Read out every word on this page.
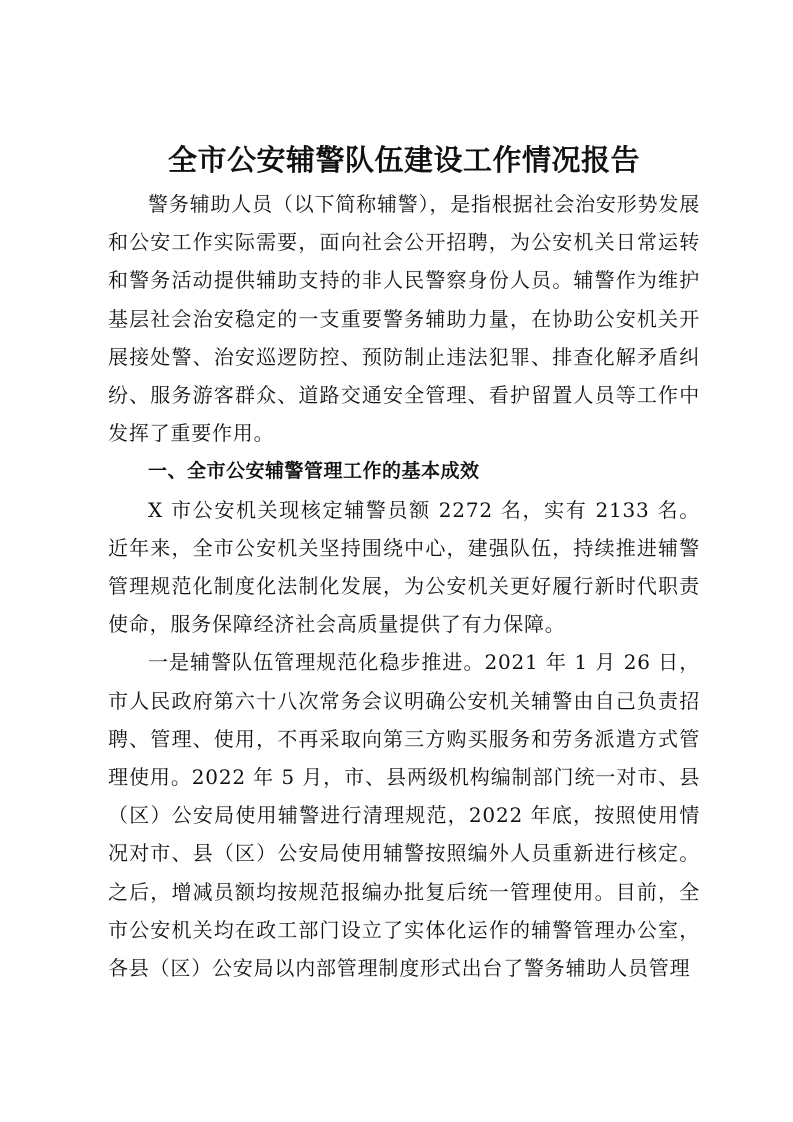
全市公安辅警队伍建设工作情况报告

警务辅助人员（以下简称辅警），是指根据社会治安形势发展和公安工作实际需要，面向社会公开招聘，为公安机关日常运转和警务活动提供辅助支持的非人民警察身份人员。辅警作为维护基层社会治安稳定的一支重要警务辅助力量，在协助公安机关开展接处警、治安巡逻防控、预防制止违法犯罪、排查化解矛盾纠纷、服务游客群众、道路交通安全管理、看护留置人员等工作中发挥了重要作用。

一、全市公安辅警管理工作的基本成效

X 市公安机关现核定辅警员额 2272 名，实有 2133 名。近年来，全市公安机关坚持围绕中心，建强队伍，持续推进辅警管理规范化制度化法制化发展，为公安机关更好履行新时代职责使命，服务保障经济社会高质量提供了有力保障。

一是辅警队伍管理规范化稳步推进。2021 年 1 月 26 日，市人民政府第六十八次常务会议明确公安机关辅警由自己负责招聘、管理、使用，不再采取向第三方购买服务和劳务派遣方式管理使用。2022 年 5 月，市、县两级机构编制部门统一对市、县（区）公安局使用辅警进行清理规范，2022 年底，按照使用情况对市、县（区）公安局使用辅警按照编外人员重新进行核定。之后，增减员额均按规范报编办批复后统一管理使用。目前，全市公安机关均在政工部门设立了实体化运作的辅警管理办公室，各县（区）公安局以内部管理制度形式出台了警务辅助人员管理
